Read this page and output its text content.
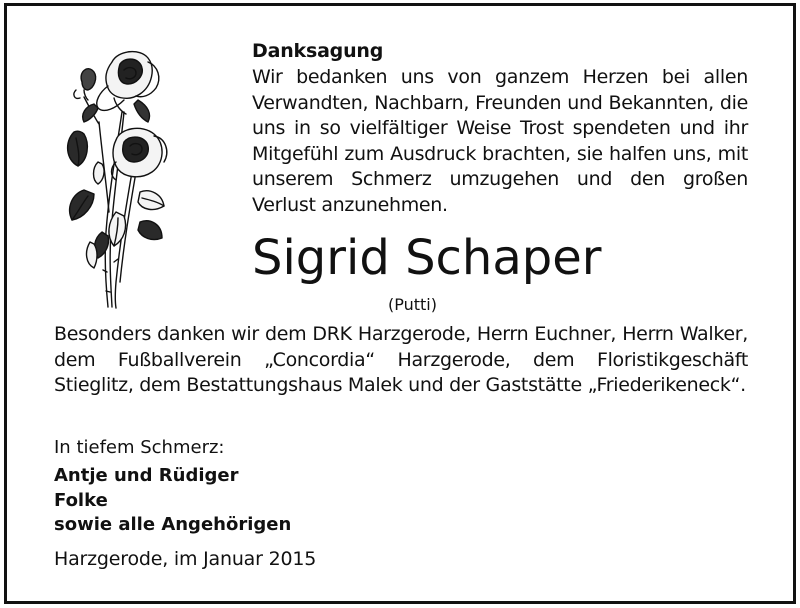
Danksagung

Wir bedanken uns von ganzem Herzen bei allen Verwandten, Nachbarn, Freunden und Bekannten, die uns in so vielfältiger Weise Trost spendeten und ihr Mitgefühl zum Ausdruck brachten, sie halfen uns, mit unserem Schmerz umzugehen und den großen Verlust anzunehmen.

Sigrid Schaper
(Putti)

Besonders danken wir dem DRK Harzgerode, Herrn Euchner, Herrn Walker, dem Fußballverein „Concordia“ Harzgerode, dem Floristikgeschäft Stieglitz, dem Bestattungshaus Malek und der Gaststätte „Friederikeneck“.

In tiefem Schmerz:
Antje und Rüdiger
Folke
sowie alle Angehörigen
Harzgerode, im Januar 2015
